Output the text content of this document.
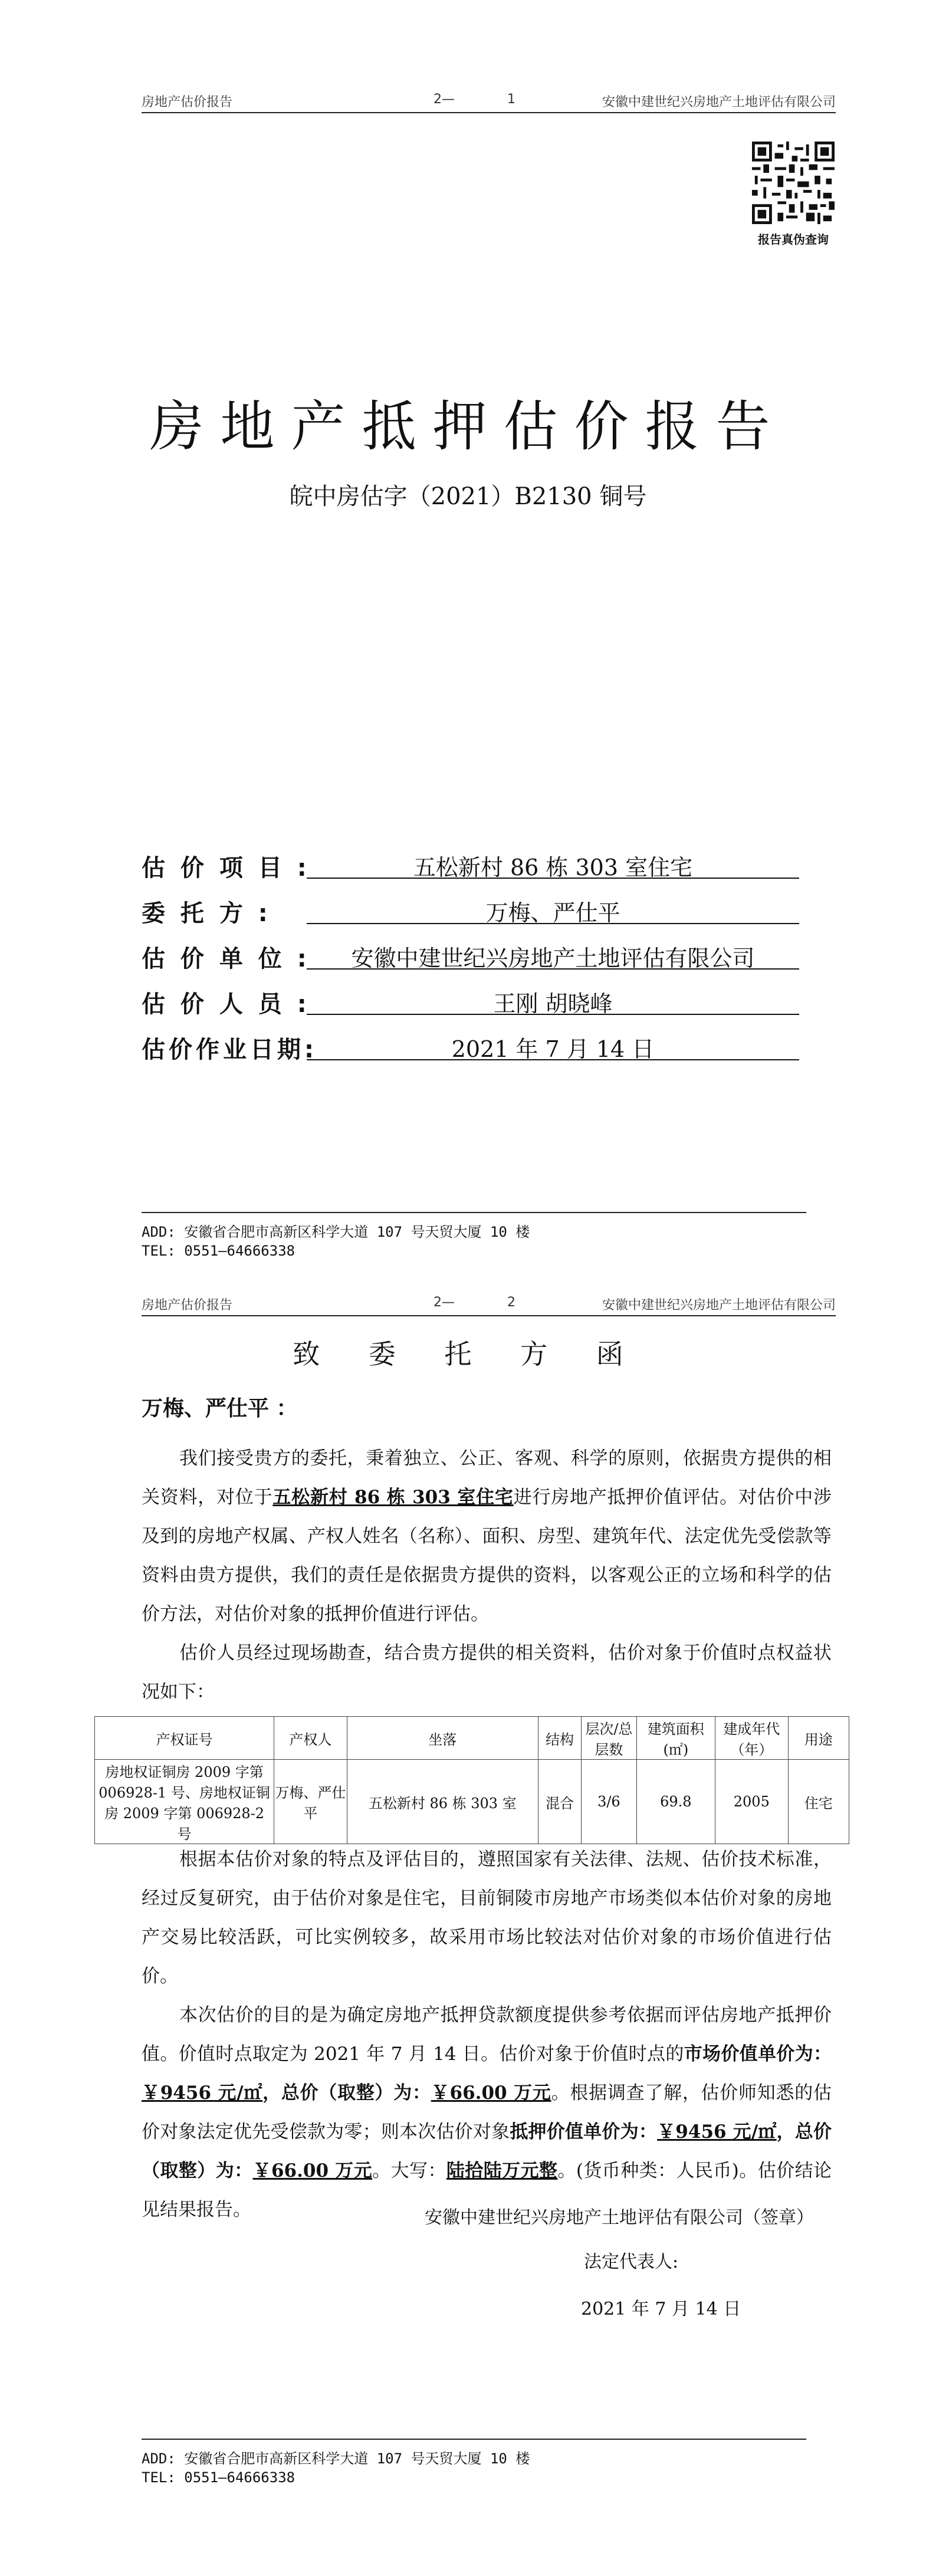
房地产估价报告	2—	1	安徽中建世纪兴房地产土地评估有限公司
报告真伪查询
房地产抵押估价报告
皖中房估字（2021）B2130 铜号
估 价 项 目 :	五松新村 86 栋 303 室住宅
委 托 方 :	万梅、严仕平
估 价 单 位 :	安徽中建世纪兴房地产土地评估有限公司
估 价 人 员 :	王刚 胡晓峰
估价作业日期:	2021 年 7 月 14 日
ADD: 安徽省合肥市高新区科学大道 107 号天贸大厦 10 楼
TEL: 0551—64666338
房地产估价报告	2—	2	安徽中建世纪兴房地产土地评估有限公司
致 委 托 方 函
万梅、严仕平 ：

我们接受贵方的委托，秉着独立、公正、客观、科学的原则，依据贵方提供的相关资料，对位于五松新村 86 栋 303 室住宅进行房地产抵押价值评估。对估价中涉及到的房地产权属、产权人姓名（名称）、面积、房型、建筑年代、法定优先受偿款等资料由贵方提供，我们的责任是依据贵方提供的资料，以客观公正的立场和科学的估价方法，对估价对象的抵押价值进行评估。

估价人员经过现场勘查，结合贵方提供的相关资料，估价对象于价值时点权益状况如下：

产权证号	产权人	坐落	结构	层次/总层数	建筑面积(㎡)	建成年代（年）	用途
房地权证铜房 2009 字第 006928-1 号、房地权证铜房 2009 字第 006928-2 号	万梅、严仕平	五松新村 86 栋 303 室	混合	3/6	69.8	2005	住宅

根据本估价对象的特点及评估目的，遵照国家有关法律、法规、估价技术标准，经过反复研究，由于估价对象是住宅，目前铜陵市房地产市场类似本估价对象的房地产交易比较活跃，可比实例较多，故采用市场比较法对估价对象的市场价值进行估价。

本次估价的目的是为确定房地产抵押贷款额度提供参考依据而评估房地产抵押价值。价值时点取定为 2021 年 7 月 14 日。估价对象于价值时点的市场价值单价为：￥9456 元/㎡，总价（取整）为：￥66.00 万元。根据调查了解，估价师知悉的估价对象法定优先受偿款为零；则本次估价对象抵押价值单价为：￥9456 元/㎡，总价（取整）为：￥66.00 万元。大写：陆拾陆万元整。(货币种类：人民币)。估价结论见结果报告。	安徽中建世纪兴房地产土地评估有限公司（签章）
法定代表人:
2021 年 7 月 14 日
ADD: 安徽省合肥市高新区科学大道 107 号天贸大厦 10 楼
TEL: 0551—64666338
